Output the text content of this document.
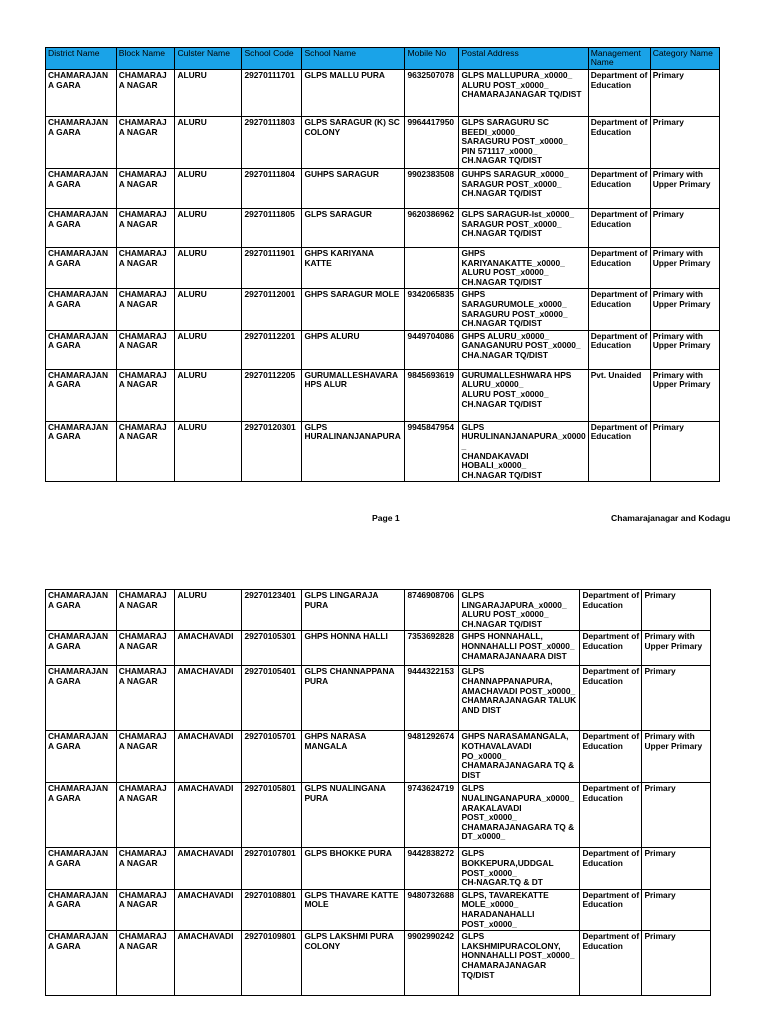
District Name	Block Name	Culster Name	School Code	School Name	Mobile No	Postal Address	Management Name	Category Name
CHAMARAJANA GARA	CHAMARAJA NAGAR	ALURU	29270111701	GLPS MALLU PURA	9632507078	GLPS MALLUPURA_x0000_
ALURU POST_x0000_
CHAMARAJANAGAR TQ/DIST	Department of Education	Primary
CHAMARAJANA GARA	CHAMARAJA NAGAR	ALURU	29270111803	GLPS SARAGUR (K) SC COLONY	9964417950	GLPS SARAGURU SC BEEDI_x0000_
SARAGURU POST_x0000_
PIN 571117_x0000_
CH.NAGAR TQ/DIST	Department of Education	Primary
CHAMARAJANA GARA	CHAMARAJA NAGAR	ALURU	29270111804	GUHPS SARAGUR	9902383508	GUHPS SARAGUR_x0000_
SARAGUR POST_x0000_
CH.NAGAR TQ/DIST	Department of Education	Primary with Upper Primary
CHAMARAJANA GARA	CHAMARAJA NAGAR	ALURU	29270111805	GLPS SARAGUR	9620386962	GLPS SARAGUR-Ist_x0000_
SARAGUR POST_x0000_
CH.NAGAR TQ/DIST	Department of Education	Primary
CHAMARAJANA GARA	CHAMARAJA NAGAR	ALURU	29270111901	GHPS KARIYANA KATTE		GHPS KARIYANAKATTE_x0000_
ALURU POST_x0000_
CH.NAGAR TQ/DIST	Department of Education	Primary with Upper Primary
CHAMARAJANA GARA	CHAMARAJA NAGAR	ALURU	29270112001	GHPS SARAGUR MOLE	9342065835	GHPS SARAGURUMOLE_x0000_
SARAGURU POST_x0000_
CH.NAGAR TQ/DIST	Department of Education	Primary with Upper Primary
CHAMARAJANA GARA	CHAMARAJA NAGAR	ALURU	29270112201	GHPS ALURU	9449704086	GHPS ALURU_x0000_
GANAGANURU POST_x0000_
CHA.NAGAR TQ/DIST	Department of Education	Primary with Upper Primary
CHAMARAJANA GARA	CHAMARAJA NAGAR	ALURU	29270112205	GURUMALLESHAVARA HPS ALUR	9845693619	GURUMALLESHWARA HPS ALURU_x0000_
ALURU POST_x0000_
CH.NAGAR TQ/DIST	Pvt. Unaided	Primary with Upper Primary
CHAMARAJANA GARA	CHAMARAJA NAGAR	ALURU	29270120301	GLPS HURALINANJANAPURA	9945847954	GLPS HURULINANJANAPURA_x0000
_
CHANDAKAVADI HOBALI_x0000_
CH.NAGAR TQ/DIST	Department of Education	Primary
Page 1	Chamarajanagar and Kodagu
CHAMARAJANA GARA	CHAMARAJA NAGAR	ALURU	29270123401	GLPS LINGARAJA PURA	8746908706	GLPS LINGARAJAPURA_x0000_
ALURU POST_x0000_
CH.NAGAR TQ/DIST	Department of Education	Primary
CHAMARAJANA GARA	CHAMARAJA NAGAR	AMACHAVADI	29270105301	GHPS HONNA HALLI	7353692828	GHPS HONNAHALL, HONNAHALLI POST_x0000_
CHAMARAJANAARA DIST	Department of Education	Primary with Upper Primary
CHAMARAJANA GARA	CHAMARAJA NAGAR	AMACHAVADI	29270105401	GLPS CHANNAPPANA PURA	9444322153	GLPS CHANNAPPANAPURA, AMACHAVADI POST_x0000_
CHAMARAJANAGAR TALUK AND DIST	Department of Education	Primary
CHAMARAJANA GARA	CHAMARAJA NAGAR	AMACHAVADI	29270105701	GHPS NARASA MANGALA	9481292674	GHPS NARASAMANGALA, KOTHAVALAVADI PO_x0000_
CHAMARAJANAGARA TQ & DIST	Department of Education	Primary with Upper Primary
CHAMARAJANA GARA	CHAMARAJA NAGAR	AMACHAVADI	29270105801	GLPS NUALINGANA PURA	9743624719	GLPS NUALINGANAPURA_x0000_
ARAKALAVADI POST_x0000_
CHAMARAJANAGARA TQ & DT_x0000_	Department of Education	Primary
CHAMARAJANA GARA	CHAMARAJA NAGAR	AMACHAVADI	29270107801	GLPS BHOKKE PURA	9442838272	GLPS BOKKEPURA,UDDGAL POST_x0000_
CH-NAGAR.TQ & DT	Department of Education	Primary
CHAMARAJANA GARA	CHAMARAJA NAGAR	AMACHAVADI	29270108801	GLPS THAVARE KATTE MOLE	9480732688	GLPS, TAVAREKATTE MOLE_x0000_
HARADANAHALLI POST_x0000_	Department of Education	Primary
CHAMARAJANA GARA	CHAMARAJA NAGAR	AMACHAVADI	29270109801	GLPS LAKSHMI PURA COLONY	9902990242	GLPS LAKSHMIPURACOLONY, HONNAHALLI POST_x0000_
CHAMARAJANAGAR TQ/DIST	Department of Education	Primary
